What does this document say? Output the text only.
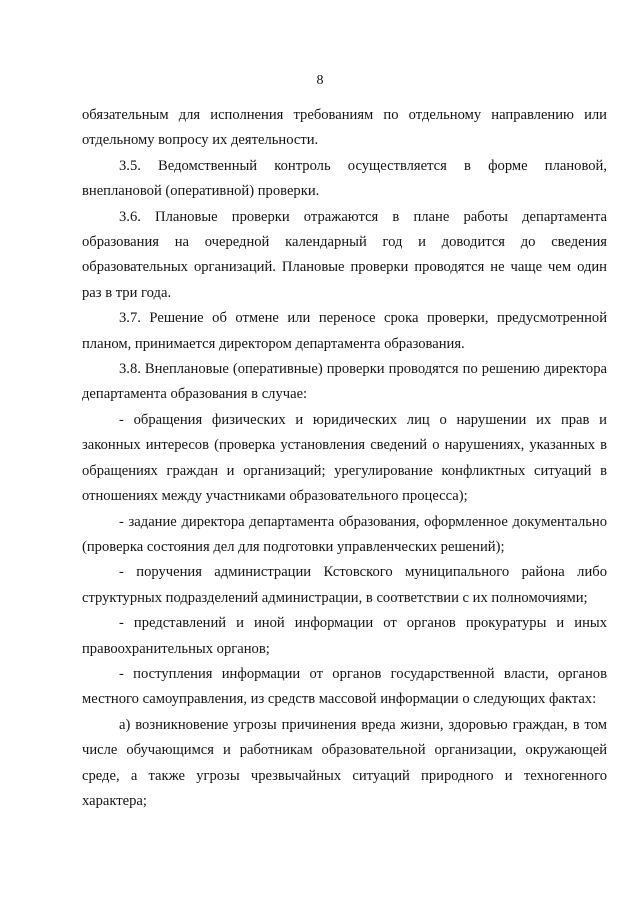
8

обязательным для исполнения требованиям по отдельному направлению или отдельному вопросу их деятельности.

3.5. Ведомственный контроль осуществляется в форме плановой, внеплановой (оперативной) проверки.

3.6. Плановые проверки отражаются в плане работы департамента образования на очередной календарный год и доводится до сведения образовательных организаций. Плановые проверки проводятся не чаще чем один раз в три года.

3.7. Решение об отмене или переносе срока проверки, предусмотренной планом, принимается директором департамента образования.

3.8. Внеплановые (оперативные) проверки проводятся по решению директора департамента образования в случае:

- обращения физических и юридических лиц о нарушении их прав и законных интересов (проверка установления сведений о нарушениях, указанных в обращениях граждан и организаций; урегулирование конфликтных ситуаций в отношениях между участниками образовательного процесса);

- задание директора департамента образования, оформленное документально (проверка состояния дел для подготовки управленческих решений);

- поручения администрации Кстовского муниципального района либо структурных подразделений администрации, в соответствии с их полномочиями;

- представлений и иной информации от органов прокуратуры и иных правоохранительных органов;

- поступления информации от органов государственной власти, органов местного самоуправления, из средств массовой информации о следующих фактах:

а) возникновение угрозы причинения вреда жизни, здоровью граждан, в том числе обучающимся и работникам образовательной организации, окружающей среде, а также угрозы чрезвычайных ситуаций природного и техногенного характера;
